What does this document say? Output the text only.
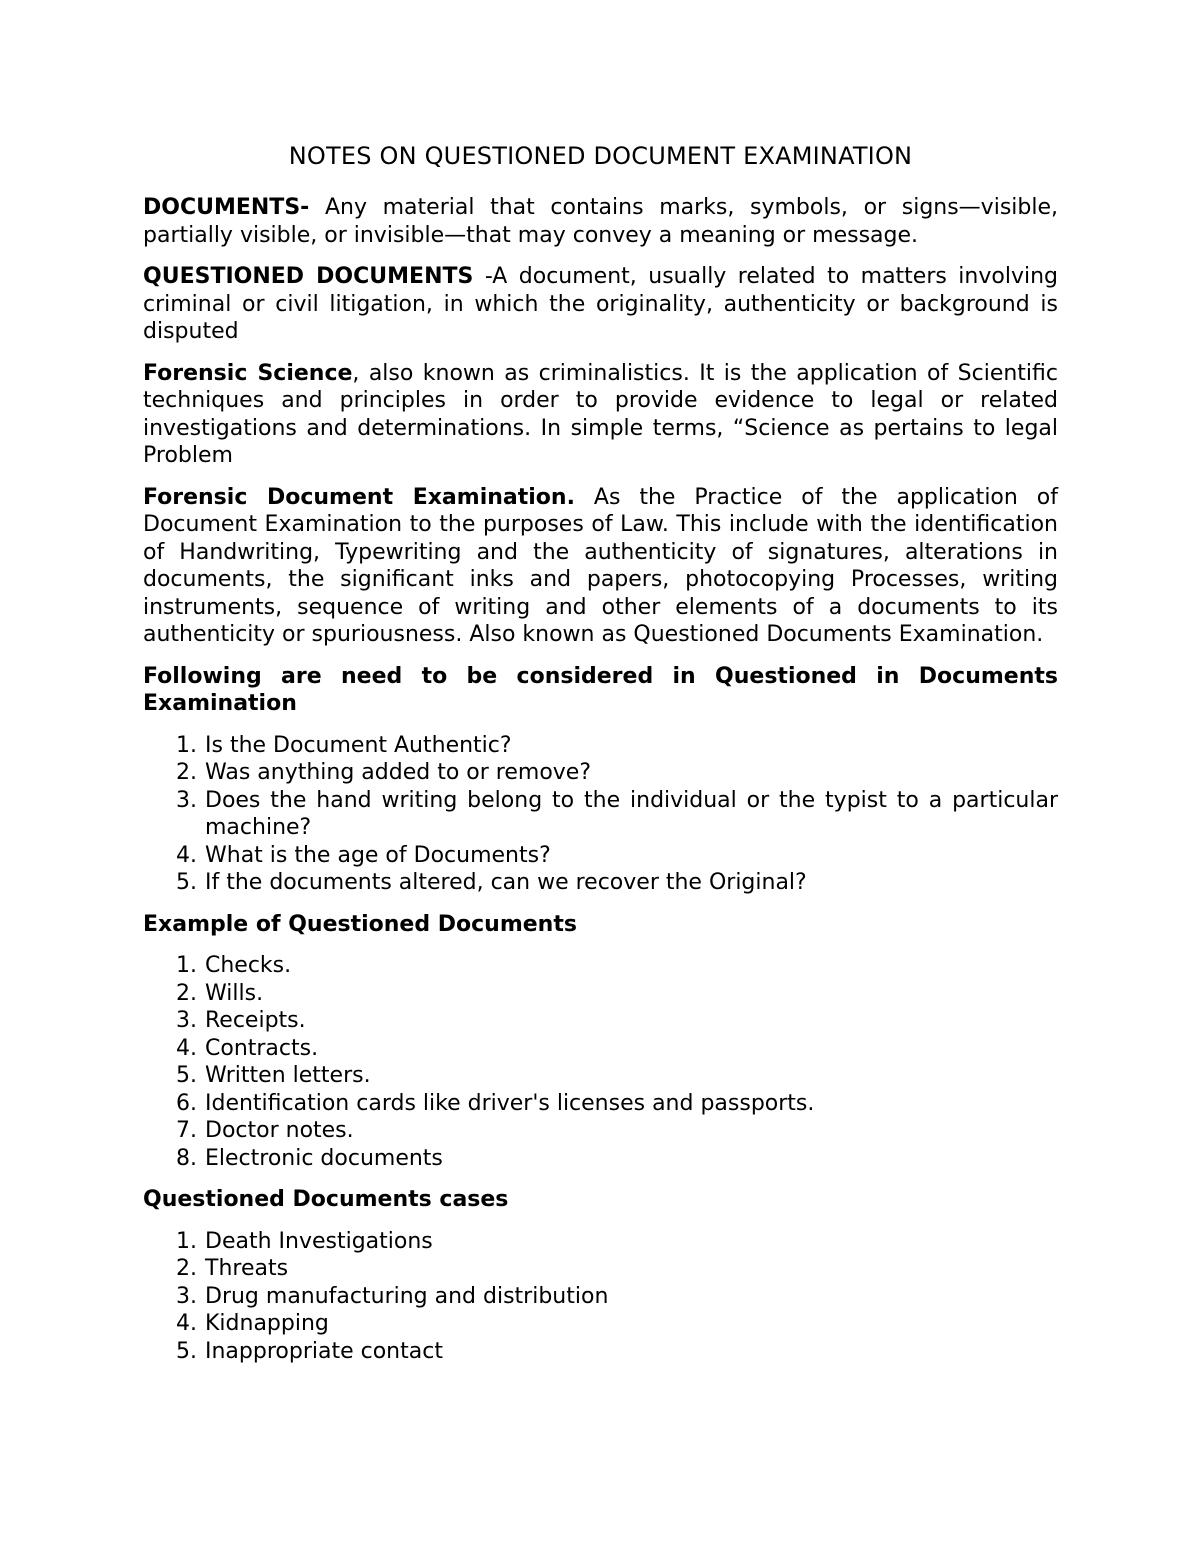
NOTES ON QUESTIONED DOCUMENT EXAMINATION

DOCUMENTS- Any material that contains marks, symbols, or signs—visible, partially visible, or invisible—that may convey a meaning or message.

QUESTIONED DOCUMENTS -A document, usually related to matters involving criminal or civil litigation, in which the originality, authenticity or background is disputed

Forensic Science, also known as criminalistics. It is the application of Scientific techniques and principles in order to provide evidence to legal or related investigations and determinations. In simple terms, “Science as pertains to legal Problem

Forensic Document Examination. As the Practice of the application of Document Examination to the purposes of Law. This include with the identification of Handwriting, Typewriting and the authenticity of signatures, alterations in documents, the significant inks and papers, photocopying Processes, writing instruments, sequence of writing and other elements of a documents to its authenticity or spuriousness. Also known as Questioned Documents Examination.

Following are need to be considered in Questioned in Documents Examination

1. Is the Document Authentic?
2. Was anything added to or remove?
3. Does the hand writing belong to the individual or the typist to a particular machine?
4. What is the age of Documents?
5. If the documents altered, can we recover the Original?

Example of Questioned Documents

1. Checks.
2. Wills.
3. Receipts.
4. Contracts.
5. Written letters.
6. Identification cards like driver's licenses and passports.
7. Doctor notes.
8. Electronic documents

Questioned Documents cases

1. Death Investigations
2. Threats
3. Drug manufacturing and distribution
4. Kidnapping
5. Inappropriate contact
